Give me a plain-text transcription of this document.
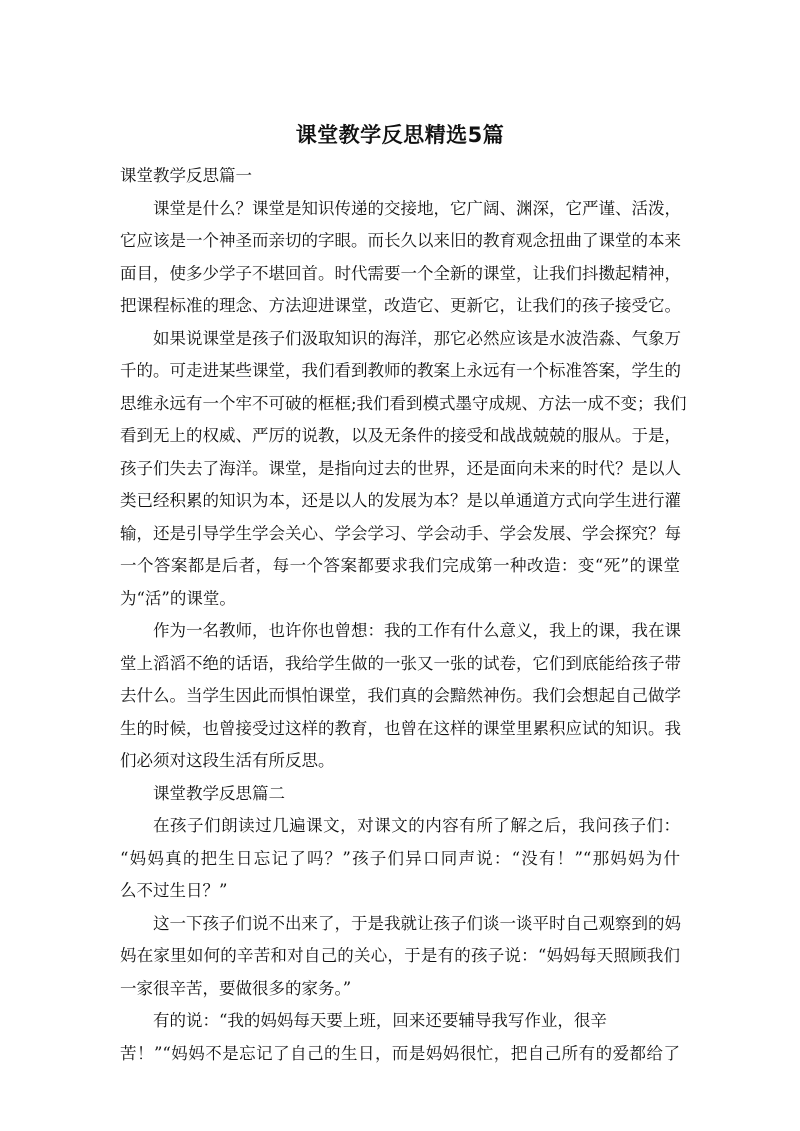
课堂教学反思精选5篇
课堂教学反思篇一
课堂是什么？课堂是知识传递的交接地，它广阔、渊深，它严谨、活泼，
它应该是一个神圣而亲切的字眼。而长久以来旧的教育观念扭曲了课堂的本来
面目，使多少学子不堪回首。时代需要一个全新的课堂，让我们抖擞起精神，
把课程标准的理念、方法迎进课堂，改造它、更新它，让我们的孩子接受它。
如果说课堂是孩子们汲取知识的海洋，那它必然应该是水波浩淼、气象万
千的。可走进某些课堂，我们看到教师的教案上永远有一个标准答案，学生的
思维永远有一个牢不可破的框框;我们看到模式墨守成规、方法一成不变；我们
看到无上的权威、严厉的说教，以及无条件的接受和战战兢兢的服从。于是，
孩子们失去了海洋。课堂，是指向过去的世界，还是面向未来的时代？是以人
类已经积累的知识为本，还是以人的发展为本？是以单通道方式向学生进行灌
输，还是引导学生学会关心、学会学习、学会动手、学会发展、学会探究？每
一个答案都是后者，每一个答案都要求我们完成第一种改造：变“死”的课堂
为“活”的课堂。
作为一名教师，也许你也曾想：我的工作有什么意义，我上的课，我在课
堂上滔滔不绝的话语，我给学生做的一张又一张的试卷，它们到底能给孩子带
去什么。当学生因此而惧怕课堂，我们真的会黯然神伤。我们会想起自己做学
生的时候，也曾接受过这样的教育，也曾在这样的课堂里累积应试的知识。我
们必须对这段生活有所反思。
课堂教学反思篇二
在孩子们朗读过几遍课文，对课文的内容有所了解之后，我问孩子们：
“妈妈真的把生日忘记了吗？”孩子们异口同声说：“没有！”“那妈妈为什
么不过生日？”
这一下孩子们说不出来了，于是我就让孩子们谈一谈平时自己观察到的妈
妈在家里如何的辛苦和对自己的关心，于是有的孩子说：“妈妈每天照顾我们
一家很辛苦，要做很多的家务。”
有的说：“我的妈妈每天要上班，回来还要辅导我写作业，很辛
苦！”“妈妈不是忘记了自己的生日，而是妈妈很忙，把自己所有的爱都给了
